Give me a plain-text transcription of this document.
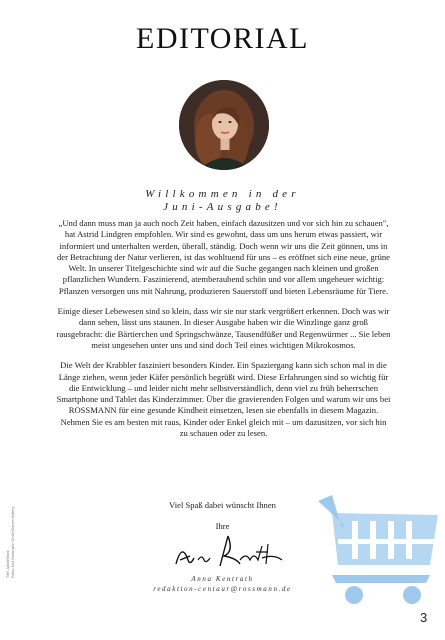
EDITORIAL
Willkommen in der
Juni-Ausgabe!

„Und dann muss man ja auch noch Zeit haben, einfach dazusitzen und vor sich hin zu schauen", hat Astrid Lindgren empfohlen. Wir sind es gewohnt, dass um uns herum etwas passiert, wir informiert und unterhalten werden, überall, ständig. Doch wenn wir uns die Zeit gönnen, uns in der Betrachtung der Natur verlieren, ist das wohltuend für uns – es eröffnet sich eine neue, grüne Welt. In unserer Titelgeschichte sind wir auf die Suche gegangen nach kleinen und großen pflanzlichen Wundern. Faszinierend, atemberaubend schön und vor allem ungeheuer wichtig: Pflanzen versorgen uns mit Nahrung, produzieren Sauerstoff und bieten Lebensräume für Tiere.

Einige dieser Lebewesen sind so klein, dass wir sie nur stark vergrößert erkennen. Doch was wir dann sehen, lässt uns staunen. In dieser Ausgabe haben wir die Winzlinge ganz groß rausgebracht: die Bärtierchen und Springschwänze, Tausendfüßer und Regenwürmer ... Sie leben meist ungesehen unter uns und sind doch Teil eines wichtigen Mikrokosmos.

Die Welt der Krabbler fasziniert besonders Kinder. Ein Spaziergang kann sich schon mal in die Länge ziehen, wenn jeder Käfer persönlich begrüßt wird. Diese Erfahrungen sind so wichtig für die Entwicklung – und leider nicht mehr selbstverständlich, denn viel zu früh beherrschen Smartphone und Tablet das Kinderzimmer. Über die gravierenden Folgen und warum wir uns bei ROSSMANN für eine gesunde Kindheit einsetzen, lesen sie ebenfalls in diesem Magazin. Nehmen Sie es am besten mit raus, Kinder oder Enkel gleich mit – um dazusitzen, vor sich hin zu schauen oder zu lesen.

Viel Spaß dabei wünscht Ihnen
Ihre
Anna Kentrath
redaktion-centaur@rossmann.de
3
Titel: AdobeStock Fotos: Dirk Rossmann GmbH/Darren Kottery
